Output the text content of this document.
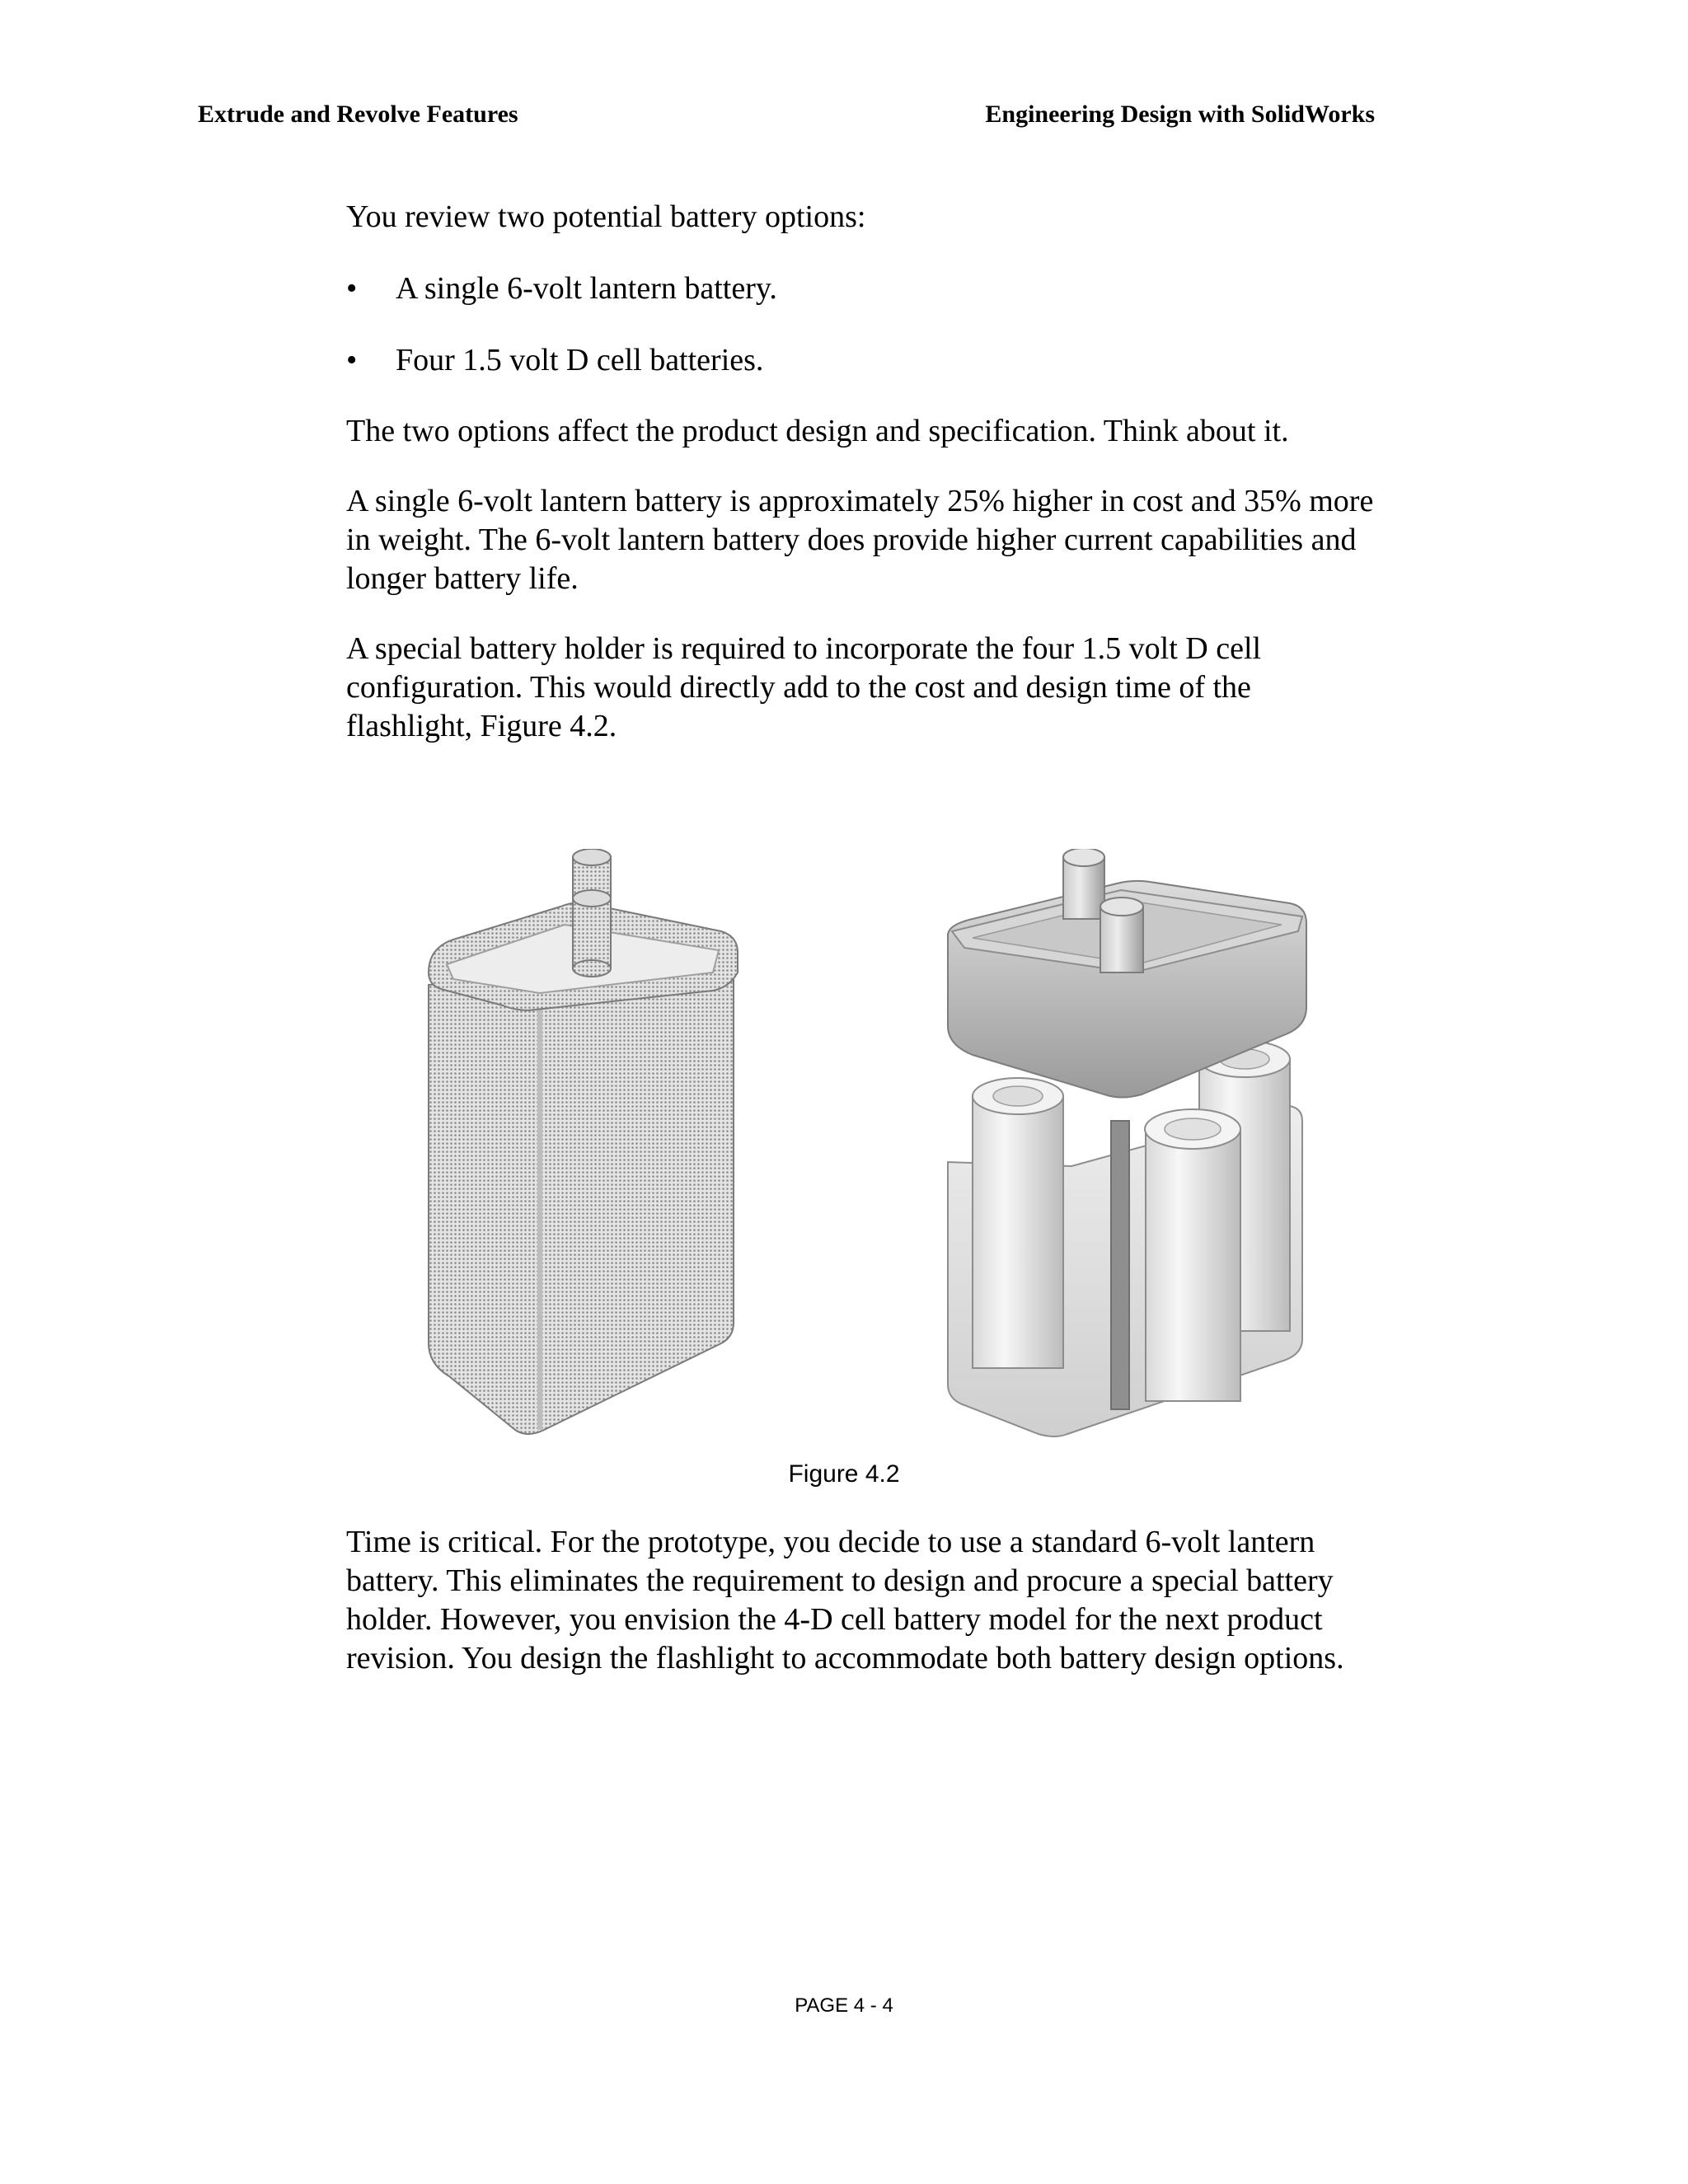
Extrude and Revolve Features	Engineering Design with SolidWorks
You review two potential battery options:
• A single 6-volt lantern battery.
• Four 1.5 volt D cell batteries.
The two options affect the product design and specification. Think about it.
A single 6-volt lantern battery is approximately 25% higher in cost and 35% more in weight. The 6-volt lantern battery does provide higher current capabilities and longer battery life.
A special battery holder is required to incorporate the four 1.5 volt D cell configuration. This would directly add to the cost and design time of the flashlight, Figure 4.2.
Figure 4.2
Time is critical. For the prototype, you decide to use a standard 6-volt lantern battery. This eliminates the requirement to design and procure a special battery holder. However, you envision the 4-D cell battery model for the next product revision. You design the flashlight to accommodate both battery design options.
PAGE 4 - 4
